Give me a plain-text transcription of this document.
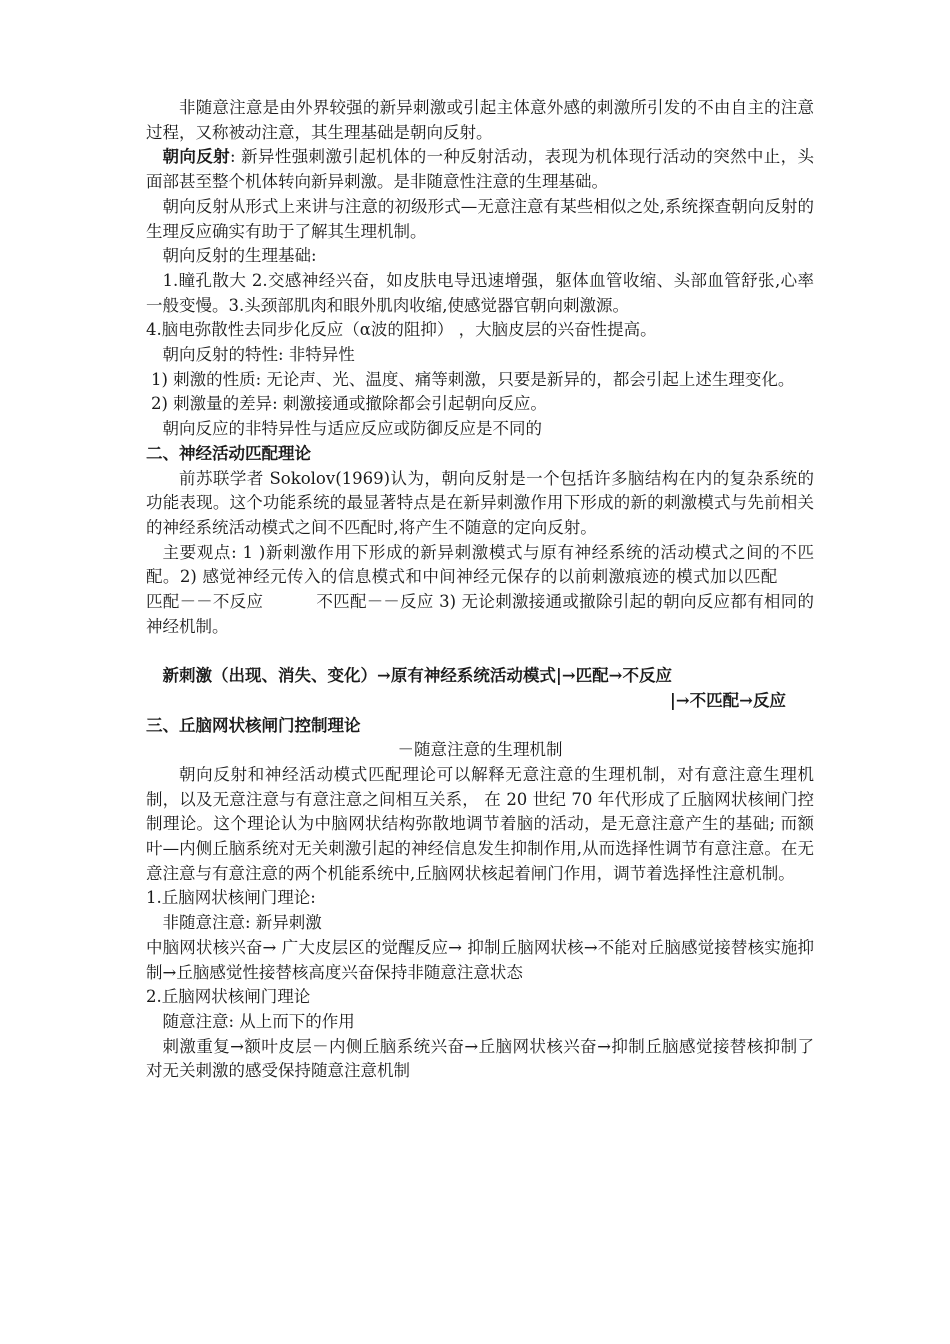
非随意注意是由外界较强的新异刺激或引起主体意外感的刺激所引发的不由自主的注意过程，又称被动注意，其生理基础是朝向反射。

朝向反射: 新异性强刺激引起机体的一种反射活动，表现为机体现行活动的突然中止，头面部甚至整个机体转向新异刺激。是非随意性注意的生理基础。

朝向反射从形式上来讲与注意的初级形式—无意注意有某些相似之处,系统探查朝向反射的生理反应确实有助于了解其生理机制。

朝向反射的生理基础:

1.瞳孔散大 2.交感神经兴奋，如皮肤电导迅速增强，躯体血管收缩、头部血管舒张,心率一般变慢。3.头颈部肌肉和眼外肌肉收缩,使感觉器官朝向刺激源。

4.脑电弥散性去同步化反应（α波的阻抑） ，大脑皮层的兴奋性提高。

朝向反射的特性: 非特异性

1) 刺激的性质: 无论声、光、温度、痛等刺激，只要是新异的，都会引起上述生理变化。

2) 刺激量的差异: 刺激接通或撤除都会引起朝向反应。

朝向反应的非特异性与适应反应或防御反应是不同的

二、神经活动匹配理论

前苏联学者 Sokolov(1969)认为，朝向反射是一个包括许多脑结构在内的复杂系统的功能表现。这个功能系统的最显著特点是在新异刺激作用下形成的新的刺激模式与先前相关的神经系统活动模式之间不匹配时,将产生不随意的定向反射。

主要观点: 1 )新刺激作用下形成的新异刺激模式与原有神经系统的活动模式之间的不匹配。2) 感觉神经元传入的信息模式和中间神经元保存的以前刺激痕迹的模式加以匹配匹配－－不反应	不匹配－－反应 3) 无论刺激接通或撤除引起的朝向反应都有相同的神经机制。

新刺激（出现、消失、变化）→原有神经系统活动模式|→匹配→不反应

|→不匹配→反应

三、丘脑网状核闸门控制理论

－随意注意的生理机制

朝向反射和神经活动模式匹配理论可以解释无意注意的生理机制，对有意注意生理机制，以及无意注意与有意注意之间相互关系， 在 20 世纪 70 年代形成了丘脑网状核闸门控制理论。这个理论认为中脑网状结构弥散地调节着脑的活动，是无意注意产生的基础; 而额叶—内侧丘脑系统对无关刺激引起的神经信息发生抑制作用,从而选择性调节有意注意。在无意注意与有意注意的两个机能系统中,丘脑网状核起着闸门作用，调节着选择性注意机制。

1.丘脑网状核闸门理论:

非随意注意: 新异刺激

中脑网状核兴奋→ 广大皮层区的觉醒反应→ 抑制丘脑网状核→不能对丘脑感觉接替核实施抑制→丘脑感觉性接替核高度兴奋保持非随意注意状态

2.丘脑网状核闸门理论

随意注意: 从上而下的作用

刺激重复→额叶皮层－内侧丘脑系统兴奋→丘脑网状核兴奋→抑制丘脑感觉接替核抑制了对无关刺激的感受保持随意注意机制
